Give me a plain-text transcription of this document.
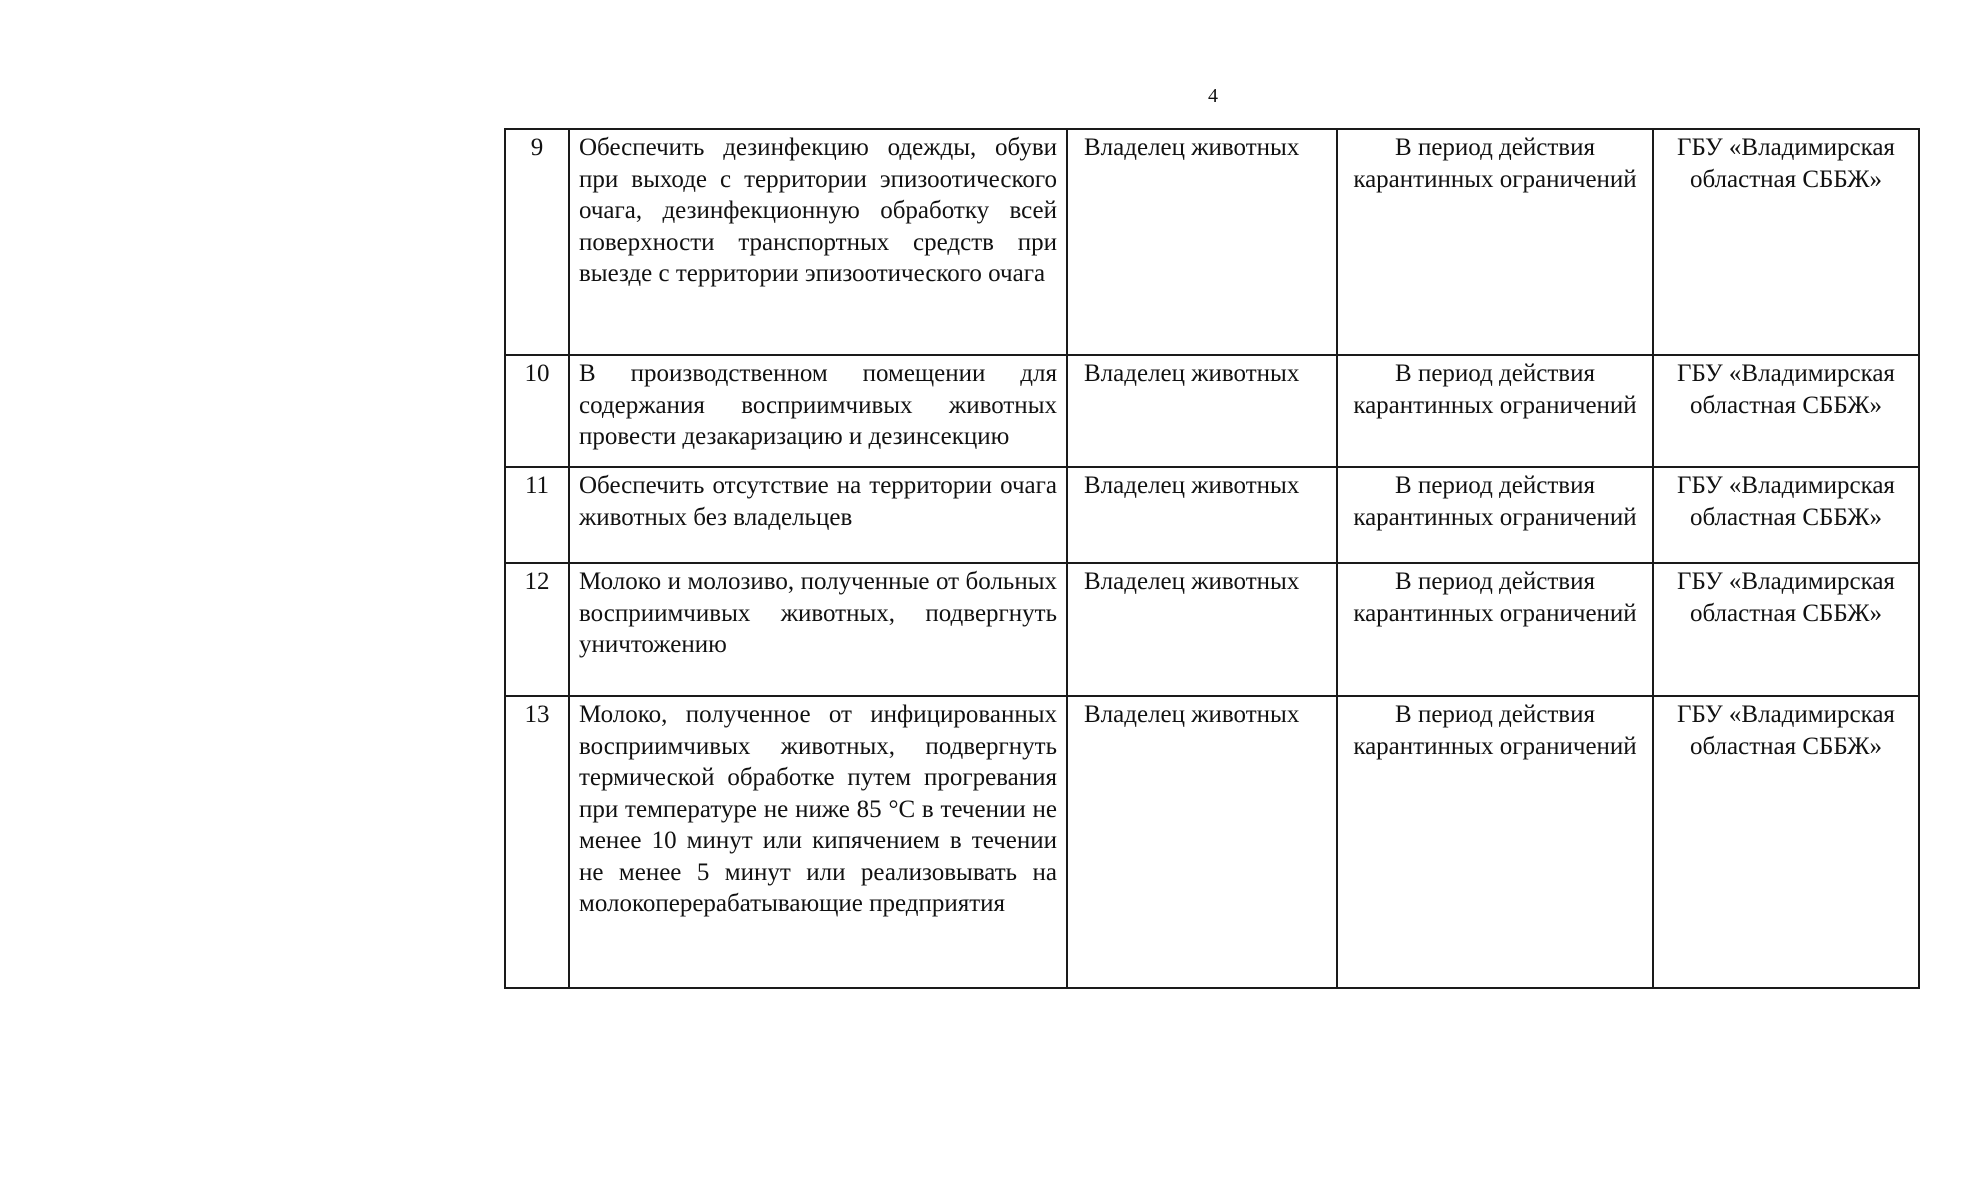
4
9	Обеспечить дезинфекцию одежды, обуви при выходе с территории эпизоотического очага, дезинфекционную обработку всей поверхности транспортных средств при выезде с территории эпизоотического очага	Владелец животных	В период действия карантинных ограничений	ГБУ «Владимирская областная СББЖ»
10	В производственном помещении для содержания восприимчивых животных провести дезакаризацию и дезинсекцию	Владелец животных	В период действия карантинных ограничений	ГБУ «Владимирская областная СББЖ»
11	Обеспечить отсутствие на территории очага животных без владельцев	Владелец животных	В период действия карантинных ограничений	ГБУ «Владимирская областная СББЖ»
12	Молоко и молозиво, полученные от больных восприимчивых животных, подвергнуть уничтожению	Владелец животных	В период действия карантинных ограничений	ГБУ «Владимирская областная СББЖ»
13	Молоко, полученное от инфицированных восприимчивых животных, подвергнуть термической обработке путем прогревания при температуре не ниже 85 °С в течении не менее 10 минут или кипячением в течении не менее 5 минут или реализовывать на молокоперерабатывающие предприятия	Владелец животных	В период действия карантинных ограничений	ГБУ «Владимирская областная СББЖ»
